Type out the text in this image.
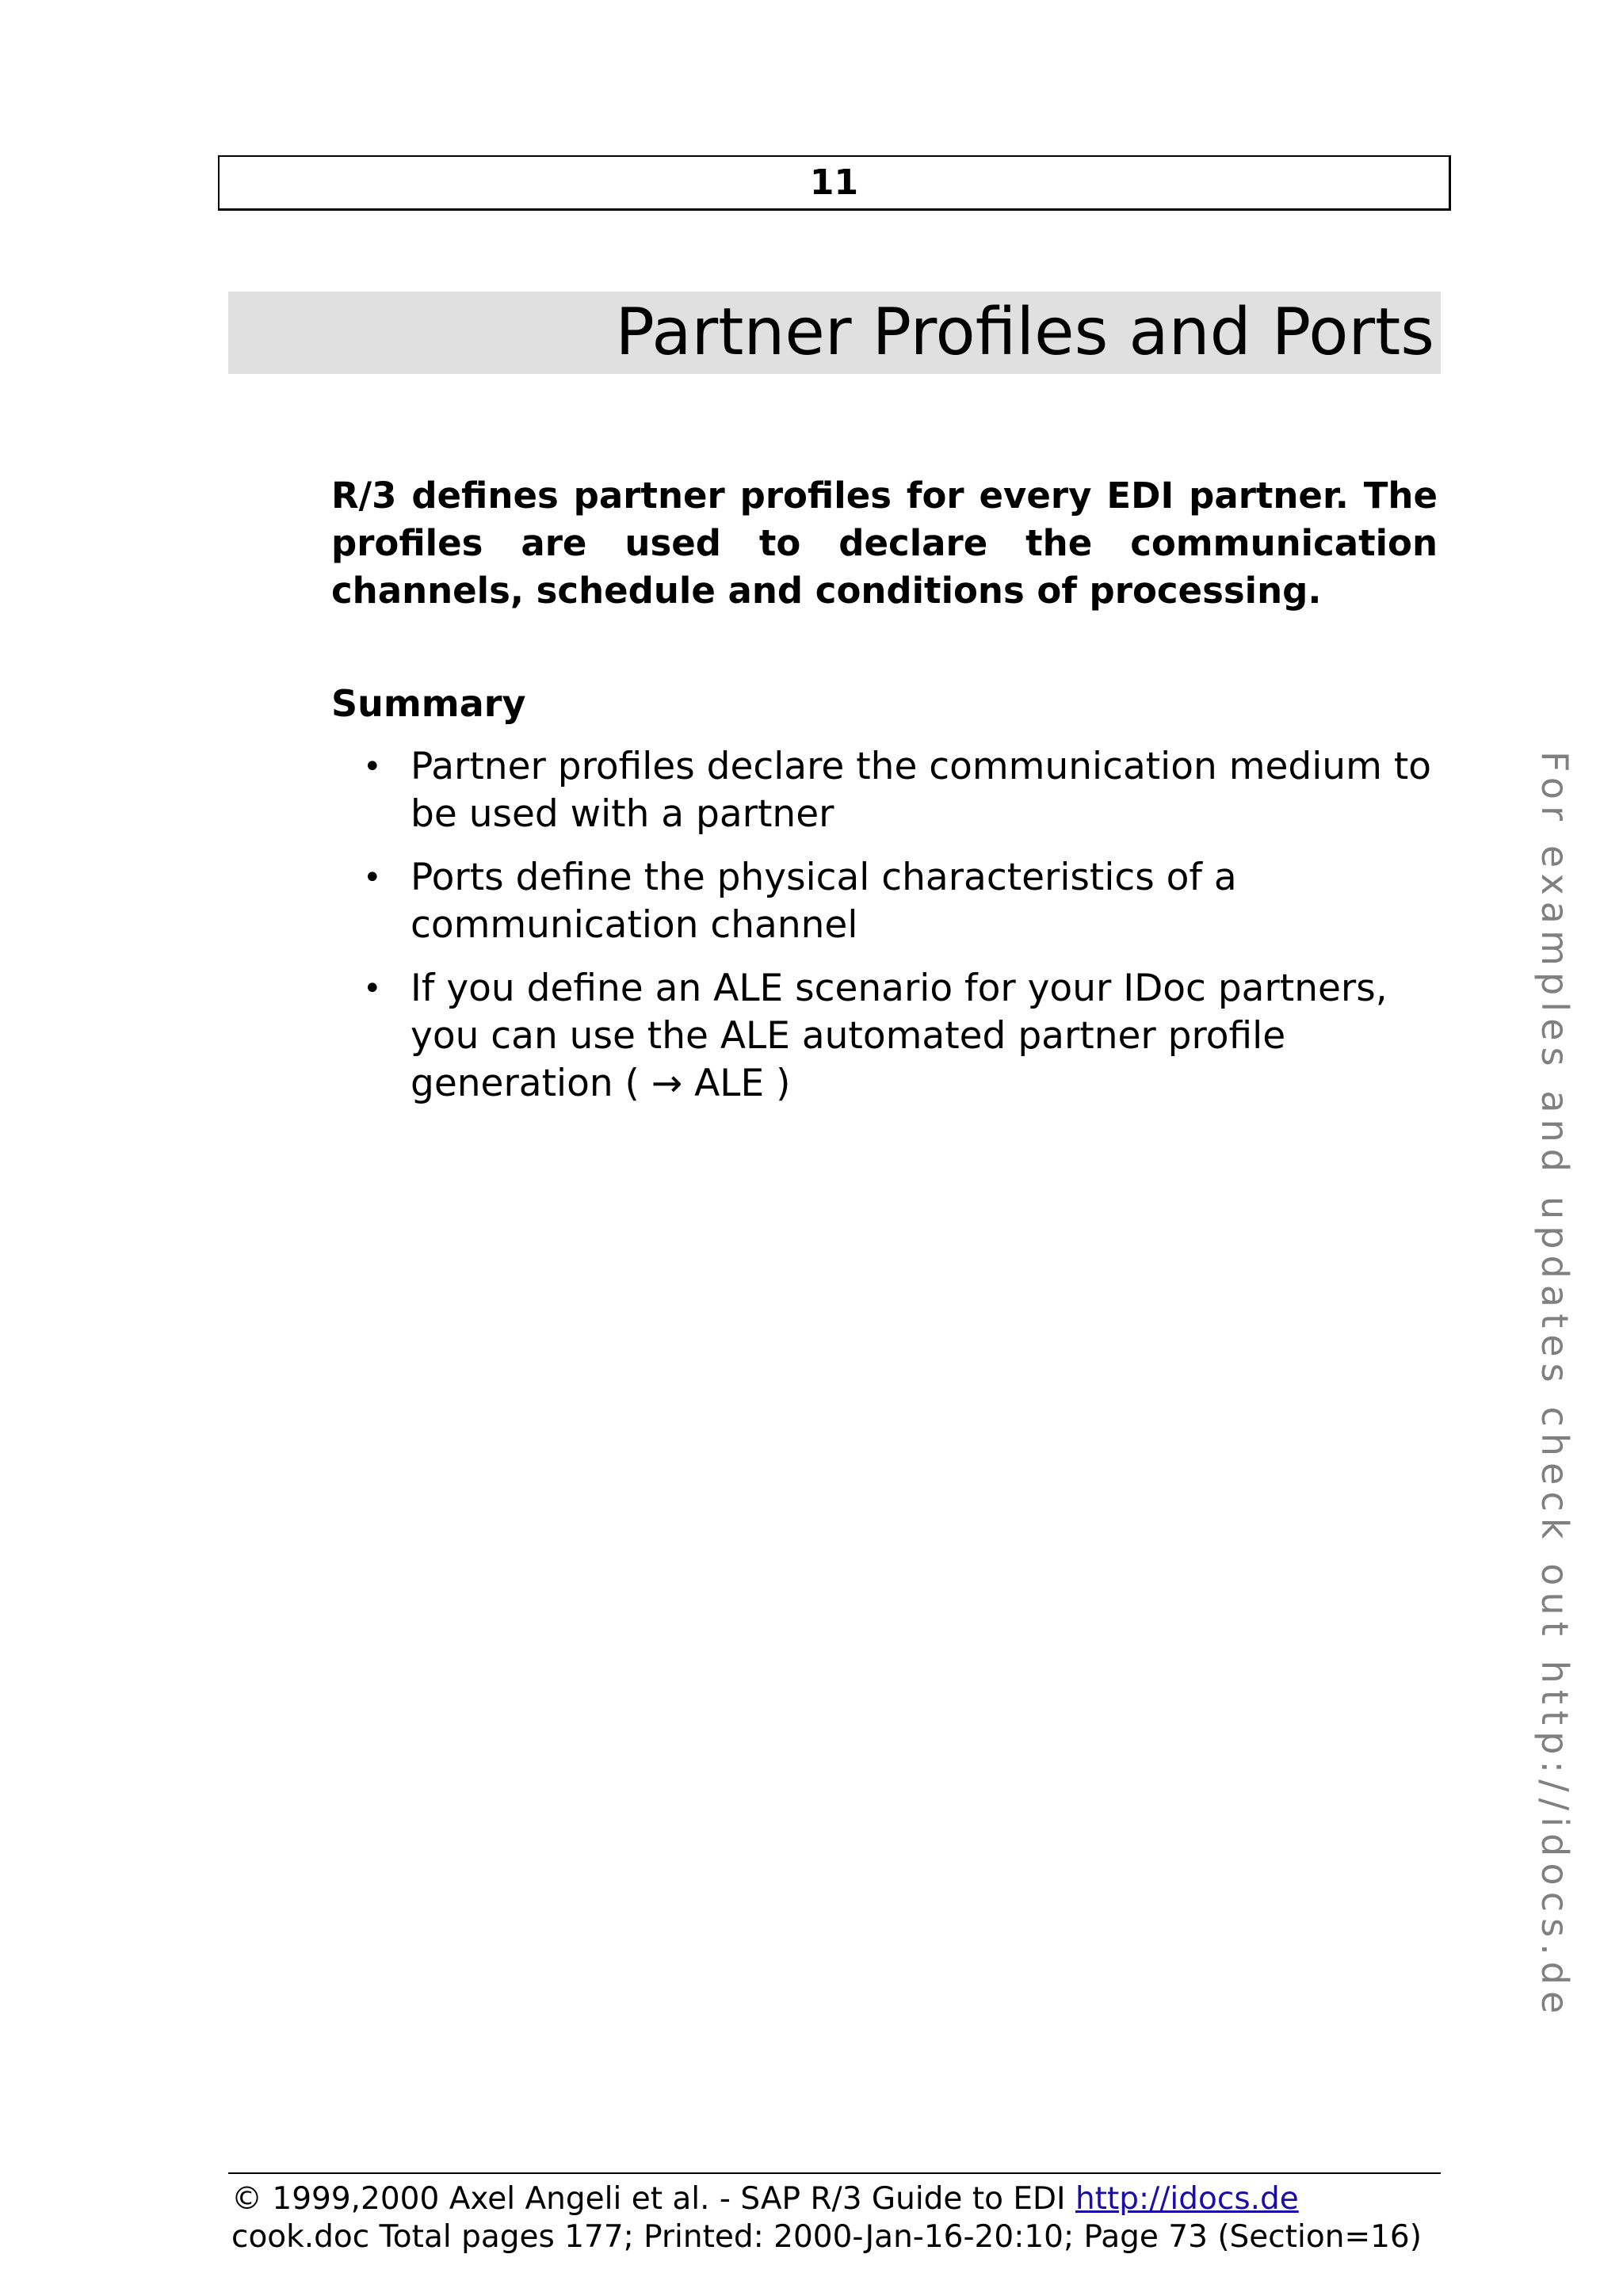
11
Partner Profiles and Ports

R/3 defines partner profiles for every EDI partner. The profiles are used to declare the communication channels, schedule and conditions of processing.

Summary
• Partner profiles declare the communication medium to be used with a partner
• Ports define the physical characteristics of a communication channel
• If you define an ALE scenario for your IDoc partners, you can use the ALE automated partner profile generation ( → ALE )	For examples and updates check out http://idocs.de
© 1999,2000 Axel Angeli et al. - SAP R/3 Guide to EDI http://idocs.de
cook.doc Total pages 177; Printed: 2000-Jan-16-20:10; Page 73 (Section=16)
